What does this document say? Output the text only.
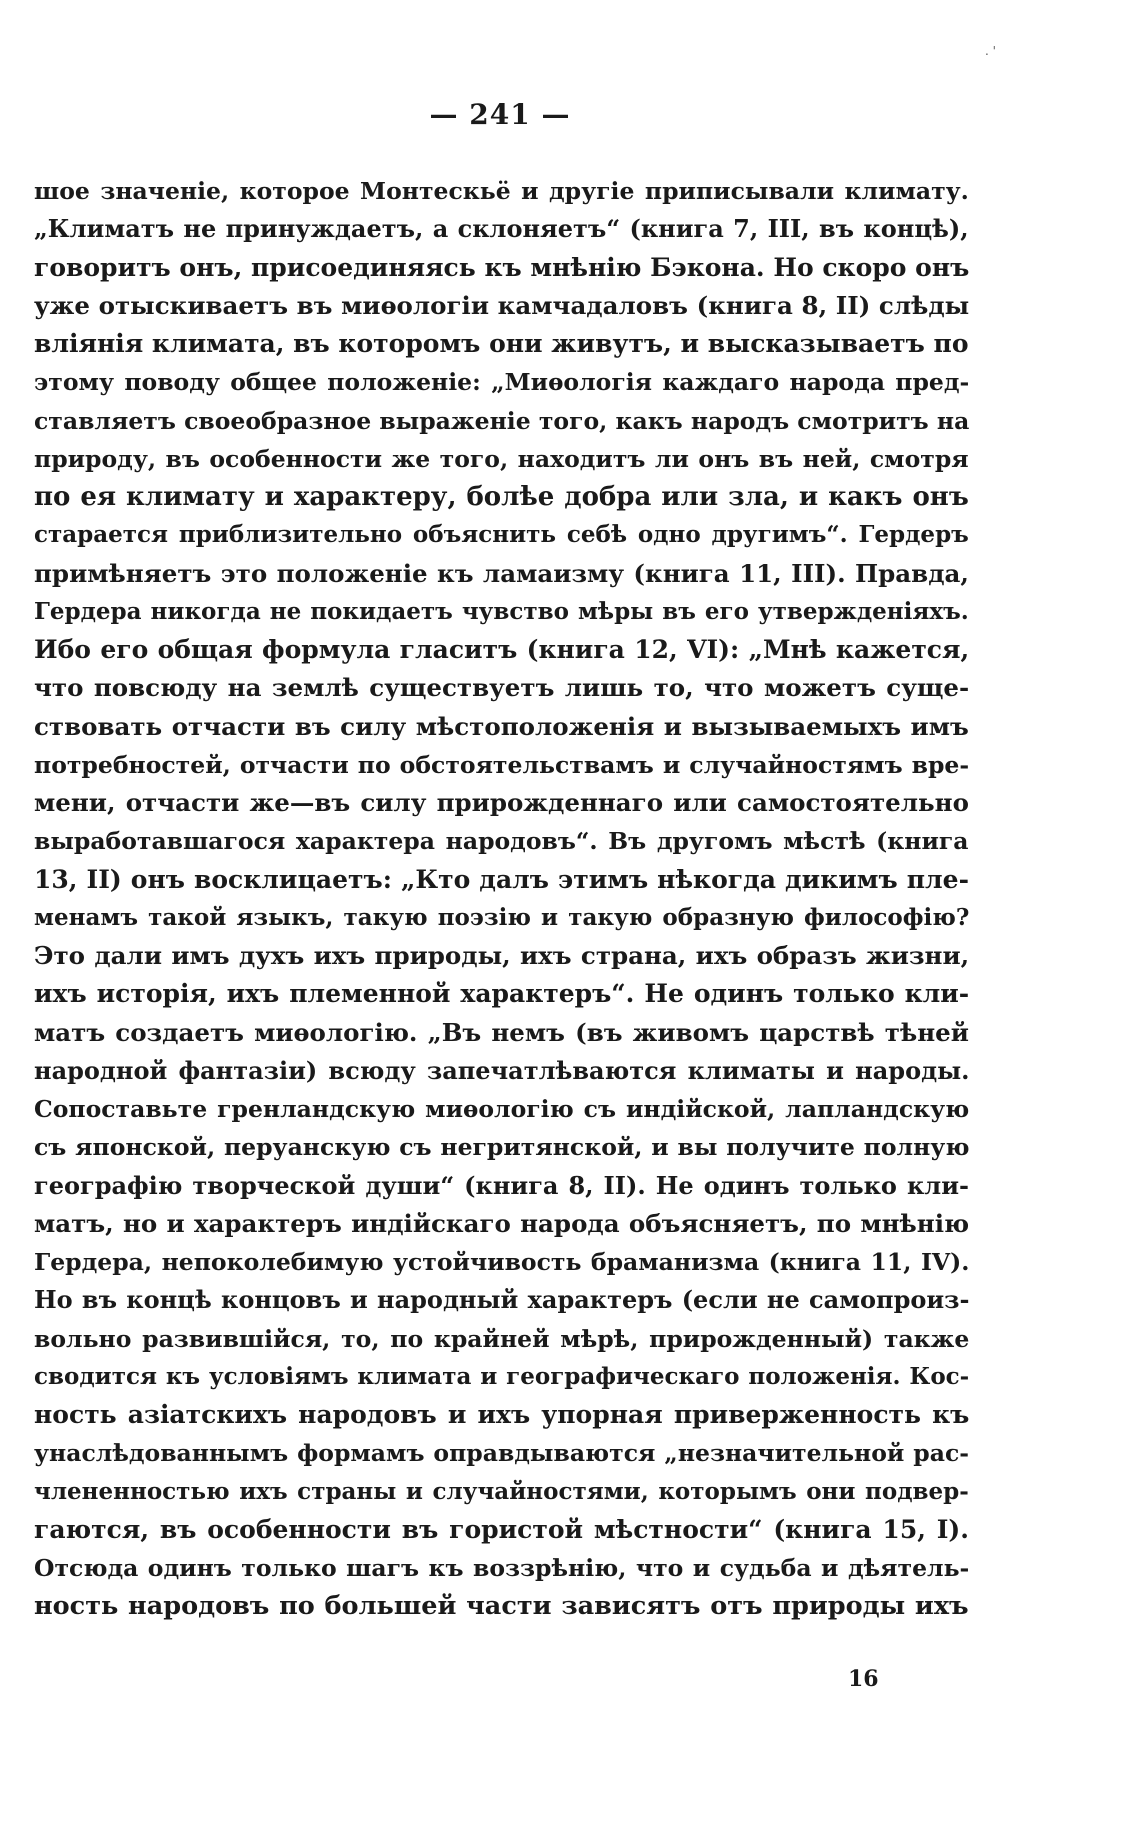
. '
— 241 —
шое значеніе, которое Монтескьё и другіе приписывали климату.
„Климатъ не принуждаетъ, а склоняетъ“ (книга 7, III, въ концѣ),
говоритъ онъ, присоединяясь къ мнѣнію Бэкона. Но скоро онъ
уже отыскиваетъ въ миѳологіи камчадаловъ (книга 8, II) слѣды
вліянія климата, въ которомъ они живутъ, и высказываетъ по
этому поводу общее положеніе: „Миѳологія каждаго народа пред-
ставляетъ своеобразное выраженіе того, какъ народъ смотритъ на
природу, въ особенности же того, находитъ ли онъ въ ней, смотря
по ея климату и характеру, болѣе добра или зла, и какъ онъ
старается приблизительно объяснить себѣ одно другимъ“. Гердеръ
примѣняетъ это положеніе къ ламаизму (книга 11, III). Правда,
Гердера никогда не покидаетъ чувство мѣры въ его утвержденіяхъ.
Ибо его общая формула гласитъ (книга 12, VI): „Мнѣ кажется,
что повсюду на землѣ существуетъ лишь то, что можетъ суще-
ствовать отчасти въ силу мѣстоположенія и вызываемыхъ имъ
потребностей, отчасти по обстоятельствамъ и случайностямъ вре-
мени, отчасти же—въ силу прирожденнаго или самостоятельно
выработавшагося характера народовъ“. Въ другомъ мѣстѣ (книга
13, II) онъ восклицаетъ: „Кто далъ этимъ нѣкогда дикимъ пле-
менамъ такой языкъ, такую поэзію и такую образную философію?
Это дали имъ духъ ихъ природы, ихъ страна, ихъ образъ жизни,
ихъ исторія, ихъ племенной характеръ“. Не одинъ только кли-
матъ создаетъ миѳологію. „Въ немъ (въ живомъ царствѣ тѣней
народной фантазіи) всюду запечатлѣваются климаты и народы.
Сопоставьте гренландскую миѳологію съ индійской, лапландскую
съ японской, перуанскую съ негритянской, и вы получите полную
географію творческой души“ (книга 8, II). Не одинъ только кли-
матъ, но и характеръ индійскаго народа объясняетъ, по мнѣнію
Гердера, непоколебимую устойчивость браманизма (книга 11, IV).
Но въ концѣ концовъ и народный характеръ (если не самопроиз-
вольно развившійся, то, по крайней мѣрѣ, прирожденный) также
сводится къ условіямъ климата и географическаго положенія. Кос-
ность азіатскихъ народовъ и ихъ упорная приверженность къ
унаслѣдованнымъ формамъ оправдываются „незначительной рас-
члененностью ихъ страны и случайностями, которымъ они подвер-
гаются, въ особенности въ гористой мѣстности“ (книга 15, I).
Отсюда одинъ только шагъ къ воззрѣнію, что и судьба и дѣятель-
ность народовъ по большей части зависятъ отъ природы ихъ
16
